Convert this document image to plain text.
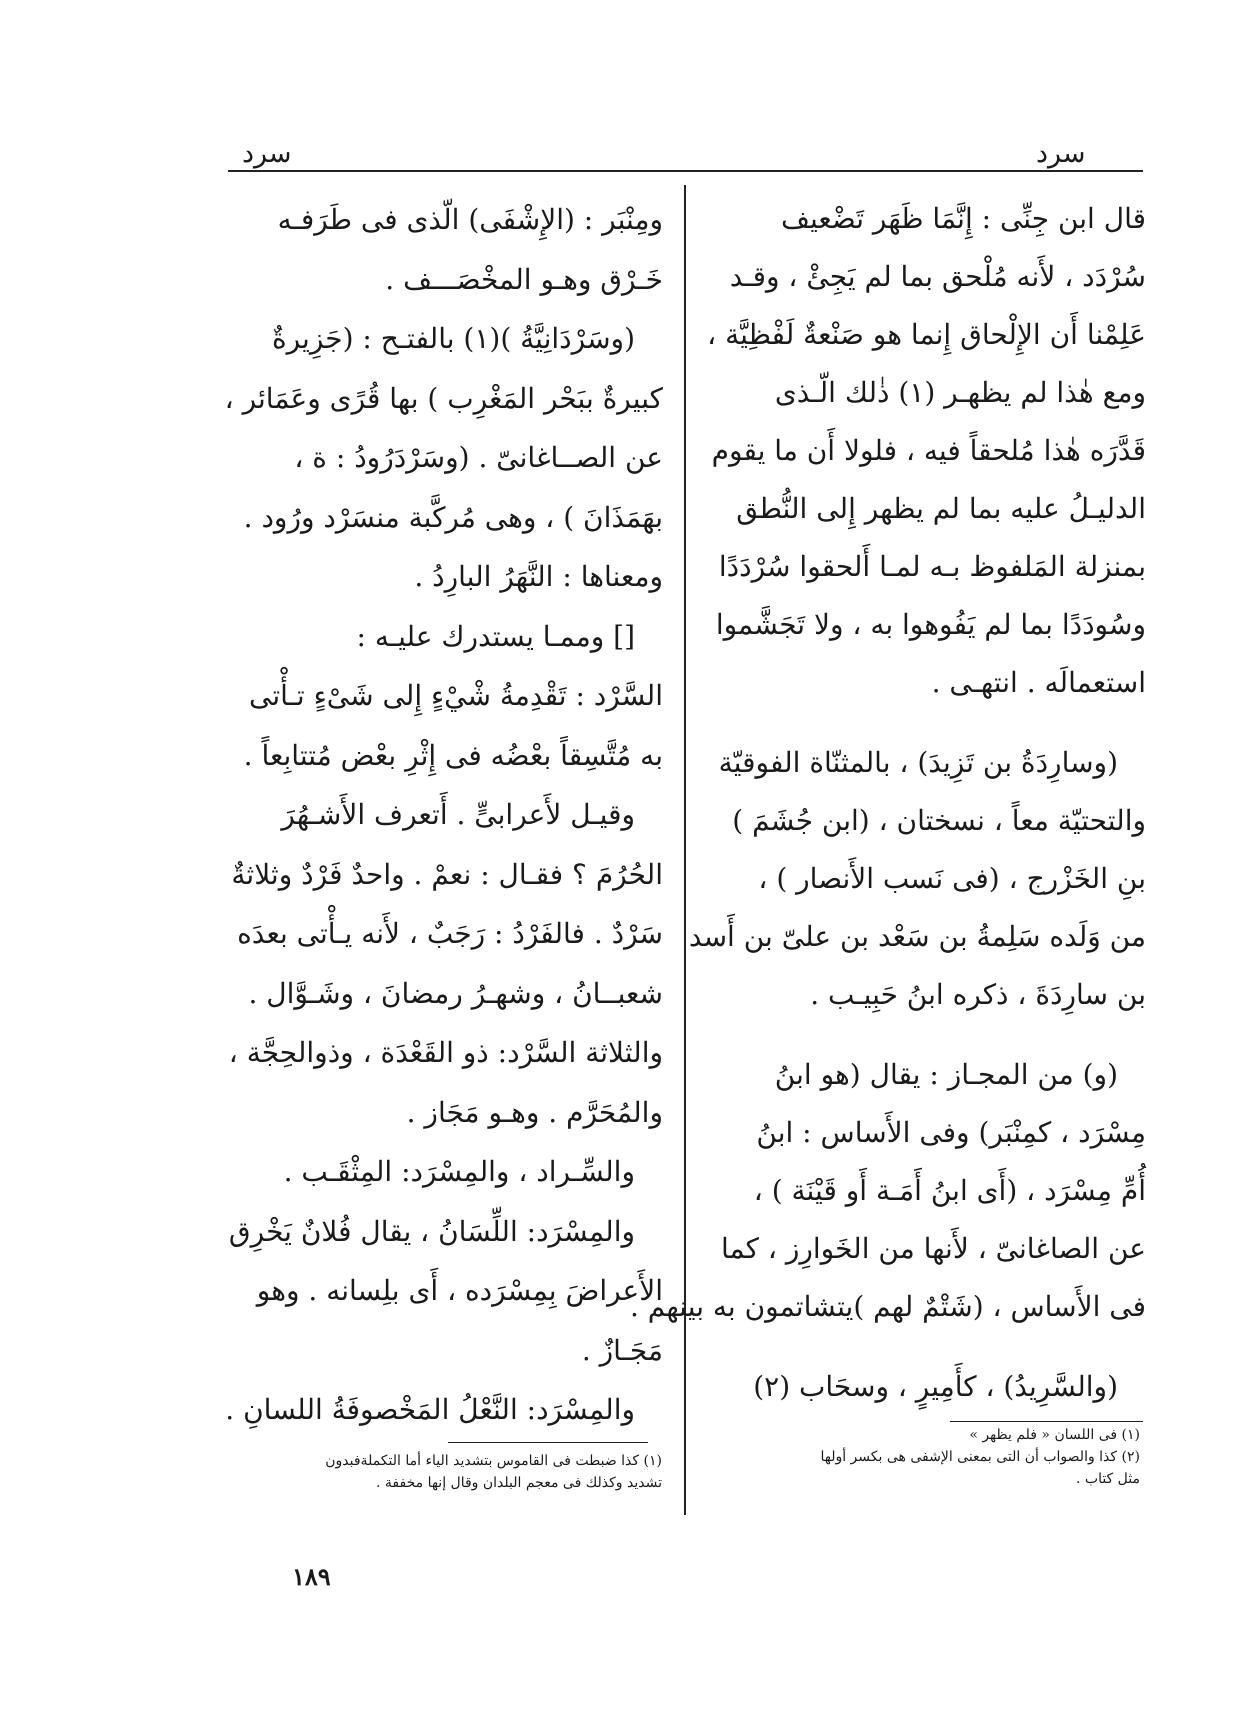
سرد
سرد
قال ابن جِنِّى : إِنَّمَا ظَهَر تَضْعيف
سُرْدَد ، لأَنه مُلْحق بما لم يَجِئْ ، وقـد
عَلِمْنا أَن الإِلْحاق إِنما هو صَنْعةٌ لَفْظِيَّة ،
ومع هٰذا لم يظهـر (١) ذٰلك الّـذى
قَدَّرَه هٰذا مُلحقاً فيه ، فلولا أَن ما يقوم
الدليـلُ عليه بما لم يظهر إِلى النُّطق
بمنزلة المَلفوظ بـه لمـا أَلحقوا سُرْدَدًا
وسُودَدًا بما لم يَفُوهوا به ، ولا تَجَشَّموا
استعمالَه . انتهـى .
(وسارِدَةُ بن تَزِيدَ) ، بالمثنّاة الفوقيّة
والتحتيّة معاً ، نسختان ، (ابن جُشَمَ )
بنِ الخَزْرج ، (فى نَسب الأَنصار ) ،
من وَلَده سَلِمةُ بن سَعْد بن علىّ بن أَسد
بن سارِدَةَ ، ذكره ابنُ حَبِيـب .
(و) من المجـاز : يقال (هو ابنُ
مِسْرَد ، كمِنْبَر) وفى الأَساس : ابنُ
أُمِّ مِسْرَد ، (أَى ابنُ أَمَـة أَو قَيْنَة ) ،
عن الصاغانىّ ، لأَنها من الخَوارِز ، كما
فى الأَساس ، (شَتْمٌ لهم )يتشاتمون به بينهم .
(والسَّرِيدُ) ، كأَمِيرٍ ، وسحَاب (٢)
ومِنْبَر : (الإِشْفَى) الّذى فى طَرَفـه
خَـرْق وهـو المخْصَـــف .
(وسَرْدَانِيَّةُ )(١) بالفتـح : (جَزِيرةٌ
كبيرةٌ ببَحْر المَغْرِب ) بها قُرًى وعَمَائر ،
عن الصــاغانىّ . (وسَرْدَرُودُ : ة ،
بهَمَذَانَ ) ، وهى مُركَّبة منسَرْد ورُود .
ومعناها : النَّهَرُ البارِدُ .
[] وممـا يستدرك عليـه :
السَّرْد : تَقْدِمةُ شْيْءٍ إِلى شَىْءٍ تـأْتى
به مُتَّسِقاً بعْضُه فى إِثْرِ بعْض مُتتابِعاً .
وقيـل لأَعرابىٍّ . أَتعرف الأَشـهُرَ
الحُرُمَ ؟ فقـال : نعمْ . واحدٌ فَرْدٌ وثلاثةٌ
سَرْدٌ . فالفَرْدُ : رَجَبٌ ، لأَنه يـأْتى بعدَه
شعبــانُ ، وشهـرُ رمضانَ ، وشَـوَّال .
والثلاثة السَّرْد: ذو القَعْدَة ، وذوالحِجَّة ،
والمُحَرَّم . وهـو مَجَاز .
والسِّـراد ، والمِسْرَد: المِثْقَـب .
والمِسْرَد: اللِّسَانُ ، يقال فُلانٌ يَخْرِق
الأَعراضَ بِمِسْرَده ، أَى بلِسانه . وهو
مَجَـازٌ .
والمِسْرَد: النَّعْلُ المَخْصوفَةُ اللسانِ .
(١) فى اللسان « فلم يظهر »
(٢) كذا والصواب أن التى بمعنى الإشفى هى بكسر أولها
مثل كتاب .
(١) كذا ضبطت فى القاموس بتشديد الياء أما التكملةفبدون
تشديد وكذلك فى معجم البلدان وقال إنها مخففة .
١٨٩
